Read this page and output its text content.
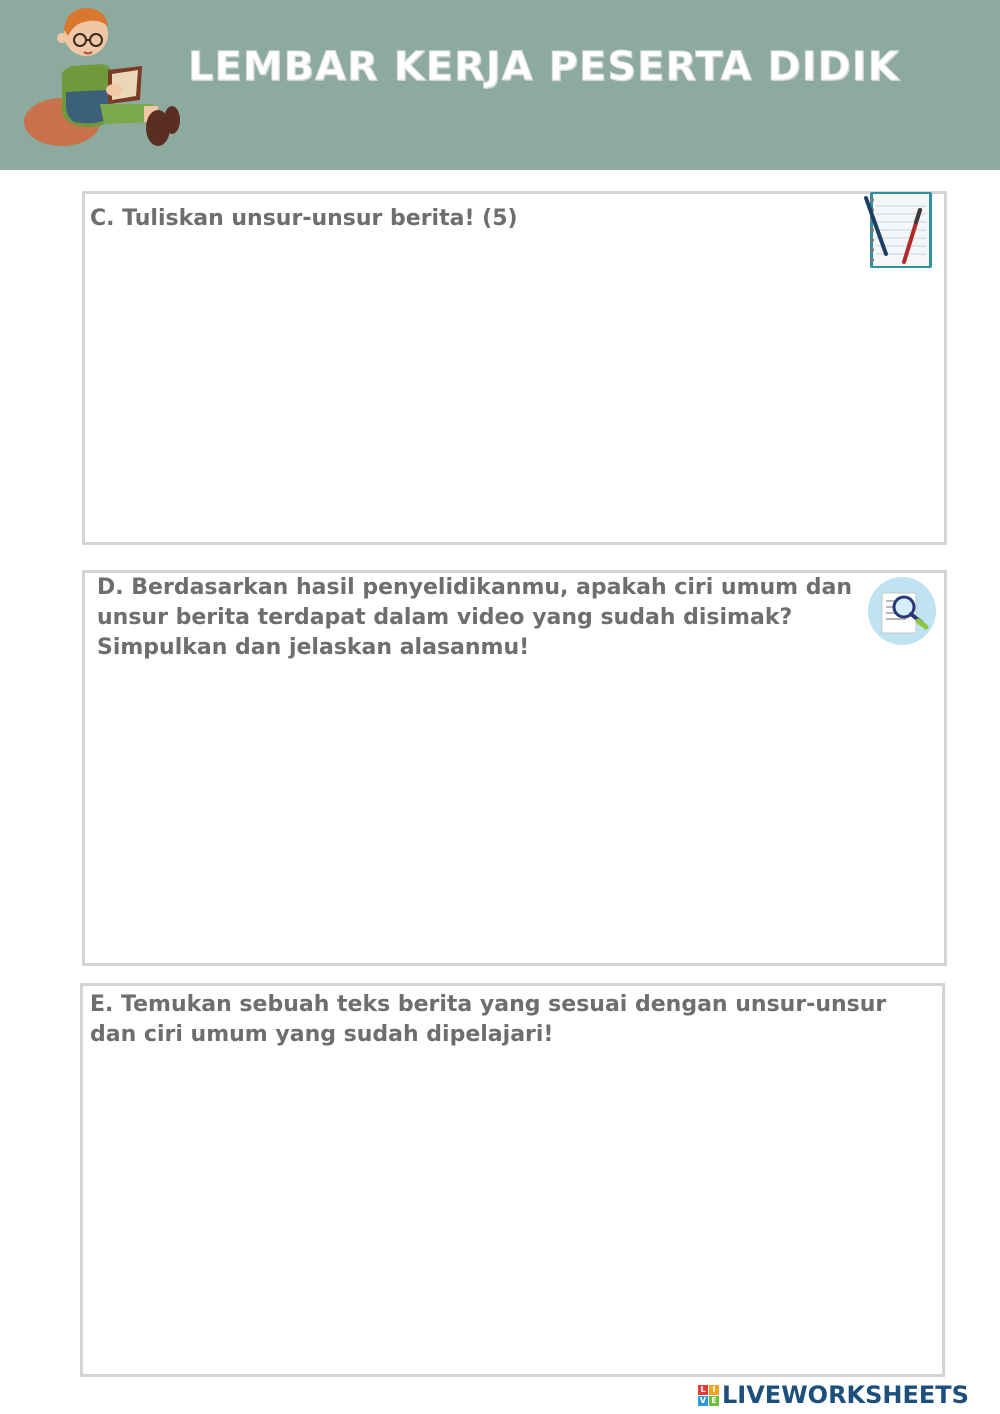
LEMBAR KERJA PESERTA DIDIK

C. Tuliskan unsur-unsur berita! (5)

D. Berdasarkan hasil penyelidikanmu, apakah ciri umum dan unsur berita terdapat dalam video yang sudah disimak? Simpulkan dan jelaskan alasanmu!

E. Temukan sebuah teks berita yang sesuai dengan unsur-unsur dan ciri umum yang sudah dipelajari!

L I
V E LIVEWORKSHEETS
